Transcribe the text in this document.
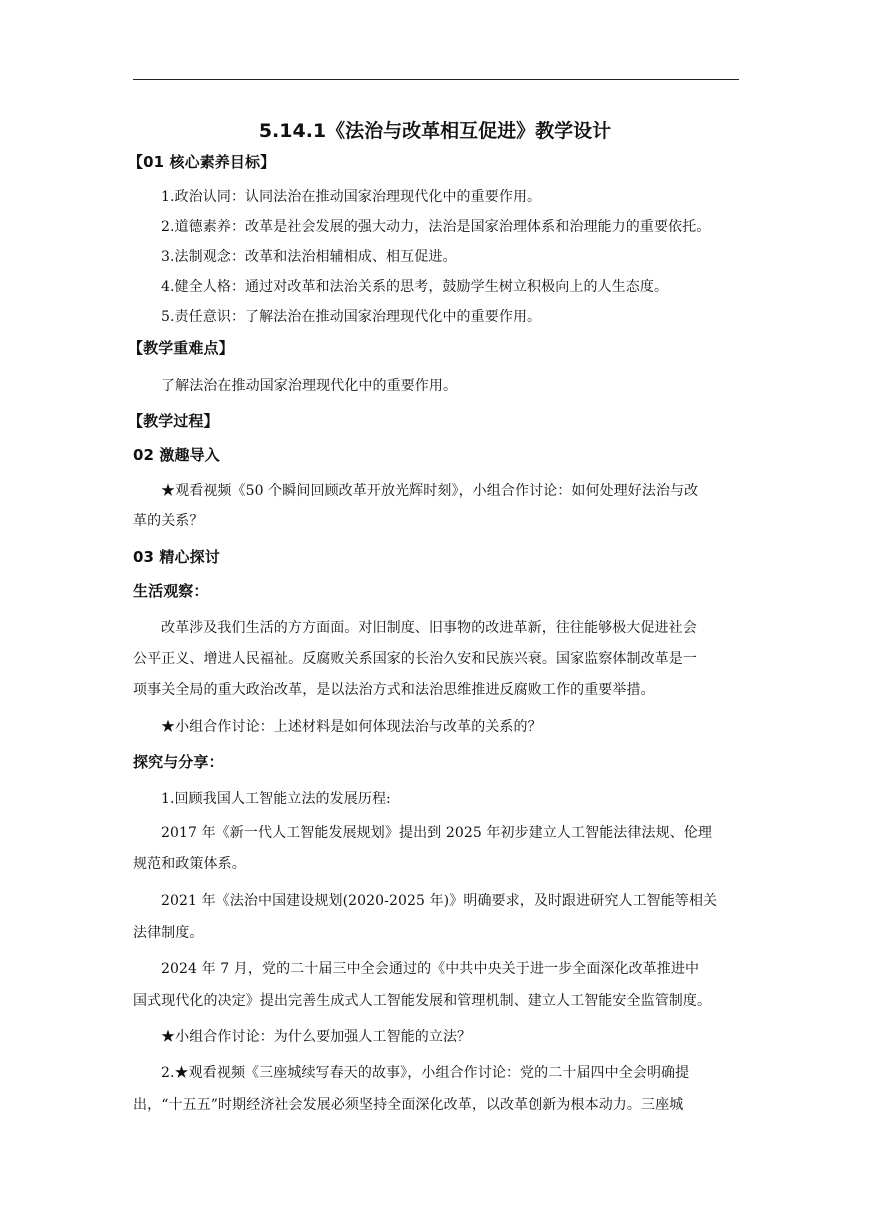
5.14.1《法治与改革相互促进》教学设计
【01 核心素养目标】
1.政治认同：认同法治在推动国家治理现代化中的重要作用。
2.道德素养：改革是社会发展的强大动力，法治是国家治理体系和治理能力的重要依托。
3.法制观念：改革和法治相辅相成、相互促进。
4.健全人格：通过对改革和法治关系的思考，鼓励学生树立积极向上的人生态度。
5.责任意识：了解法治在推动国家治理现代化中的重要作用。
【教学重难点】
了解法治在推动国家治理现代化中的重要作用。
【教学过程】
02 激趣导入
★观看视频《50 个瞬间回顾改革开放光辉时刻》，小组合作讨论：如何处理好法治与改
革的关系？
03 精心探讨
生活观察：
改革涉及我们生活的方方面面。对旧制度、旧事物的改进革新，往往能够极大促进社会
公平正义、增进人民福祉。反腐败关系国家的长治久安和民族兴衰。国家监察体制改革是一
项事关全局的重大政治改革，是以法治方式和法治思维推进反腐败工作的重要举措。
★小组合作讨论：上述材料是如何体现法治与改革的关系的？
探究与分享：
1.回顾我国人工智能立法的发展历程:
2017 年《新一代人工智能发展规划》提出到 2025 年初步建立人工智能法律法规、伦理
规范和政策体系。
2021 年《法治中国建设规划(2020-2025 年)》明确要求，及时跟进研究人工智能等相关
法律制度。
2024 年 7 月，党的二十届三中全会通过的《中共中央关于进一步全面深化改革推进中
国式现代化的决定》提出完善生成式人工智能发展和管理机制、建立人工智能安全监管制度。
★小组合作讨论：为什么要加强人工智能的立法？
2.★观看视频《三座城续写春天的故事》，小组合作讨论：党的二十届四中全会明确提
出，“十五五”时期经济社会发展必须坚持全面深化改革，以改革创新为根本动力。三座城
